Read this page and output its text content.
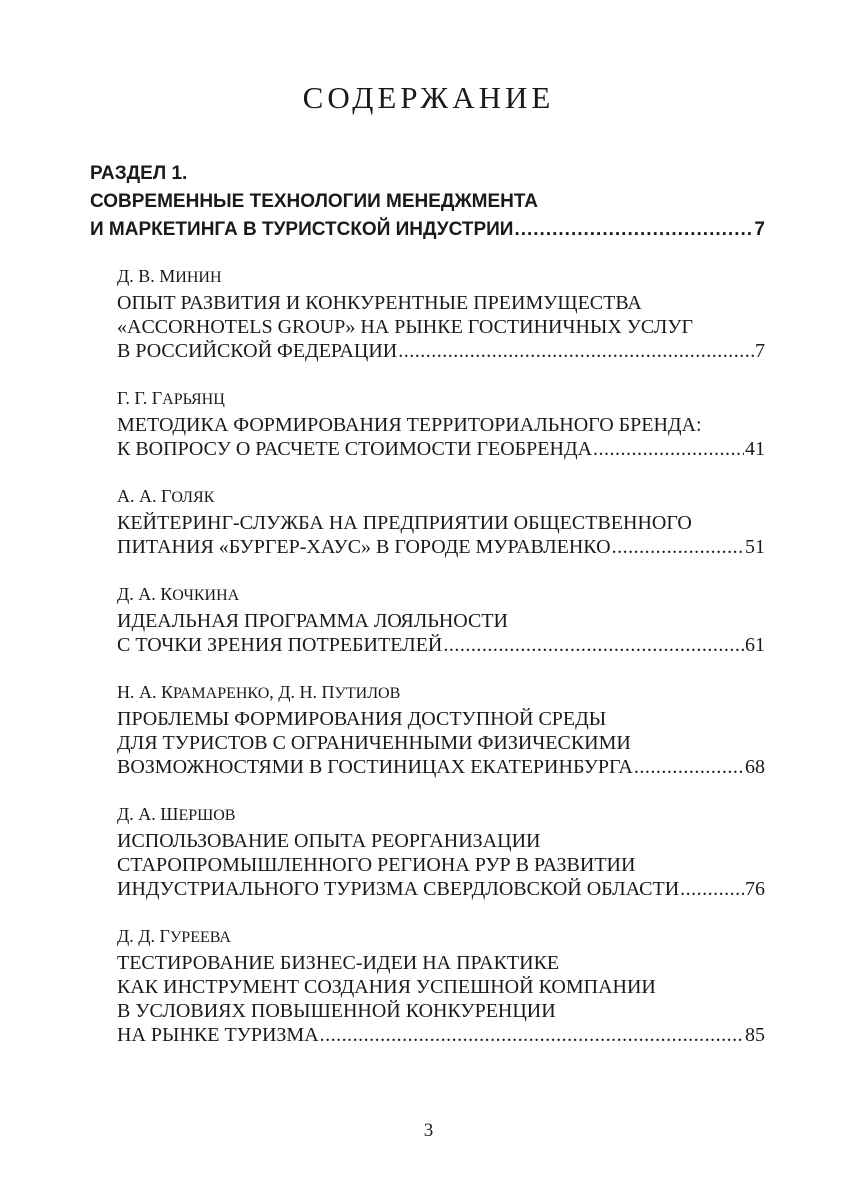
СОДЕРЖАНИЕ
РАЗДЕЛ 1.
СОВРЕМЕННЫЕ ТЕХНОЛОГИИ МЕНЕДЖМЕНТА
И МАРКЕТИНГА В ТУРИСТСКОЙ ИНДУСТРИИ .....	7
Д. В. МИНИН
ОПЫТ РАЗВИТИЯ И КОНКУРЕНТНЫЕ ПРЕИМУЩЕСТВА
«ACCORHOTELS GROUP» НА РЫНКЕ ГОСТИНИЧНЫХ УСЛУГ
В РОССИЙСКОЙ ФЕДЕРАЦИИ .....	7
Г. Г. ГАРЬЯНЦ
МЕТОДИКА ФОРМИРОВАНИЯ ТЕРРИТОРИАЛЬНОГО БРЕНДА:
К ВОПРОСУ О РАСЧЕТЕ СТОИМОСТИ ГЕОБРЕНДА .....	41
А. А. ГОЛЯК
КЕЙТЕРИНГ-СЛУЖБА НА ПРЕДПРИЯТИИ ОБЩЕСТВЕННОГО
ПИТАНИЯ «БУРГЕР-ХАУС» В ГОРОДЕ МУРАВЛЕНКО .....	51
Д. А. КОЧКИНА
ИДЕАЛЬНАЯ ПРОГРАММА ЛОЯЛЬНОСТИ
С ТОЧКИ ЗРЕНИЯ ПОТРЕБИТЕЛЕЙ .....	61
Н. А. КРАМАРЕНКО, Д. Н. ПУТИЛОВ
ПРОБЛЕМЫ ФОРМИРОВАНИЯ ДОСТУПНОЙ СРЕДЫ
ДЛЯ ТУРИСТОВ С ОГРАНИЧЕННЫМИ ФИЗИЧЕСКИМИ
ВОЗМОЖНОСТЯМИ В ГОСТИНИЦАХ ЕКАТЕРИНБУРГА .....	68
Д. А. ШЕРШОВ
ИСПОЛЬЗОВАНИЕ ОПЫТА РЕОРГАНИЗАЦИИ
СТАРОПРОМЫШЛЕННОГО РЕГИОНА РУР В РАЗВИТИИ
ИНДУСТРИАЛЬНОГО ТУРИЗМА СВЕРДЛОВСКОЙ ОБЛАСТИ .....	76
Д. Д. ГУРЕЕВА
ТЕСТИРОВАНИЕ БИЗНЕС-ИДЕИ НА ПРАКТИКЕ
КАК ИНСТРУМЕНТ СОЗДАНИЯ УСПЕШНОЙ КОМПАНИИ
В УСЛОВИЯХ ПОВЫШЕННОЙ КОНКУРЕНЦИИ
НА РЫНКЕ ТУРИЗМА .....	85
3
